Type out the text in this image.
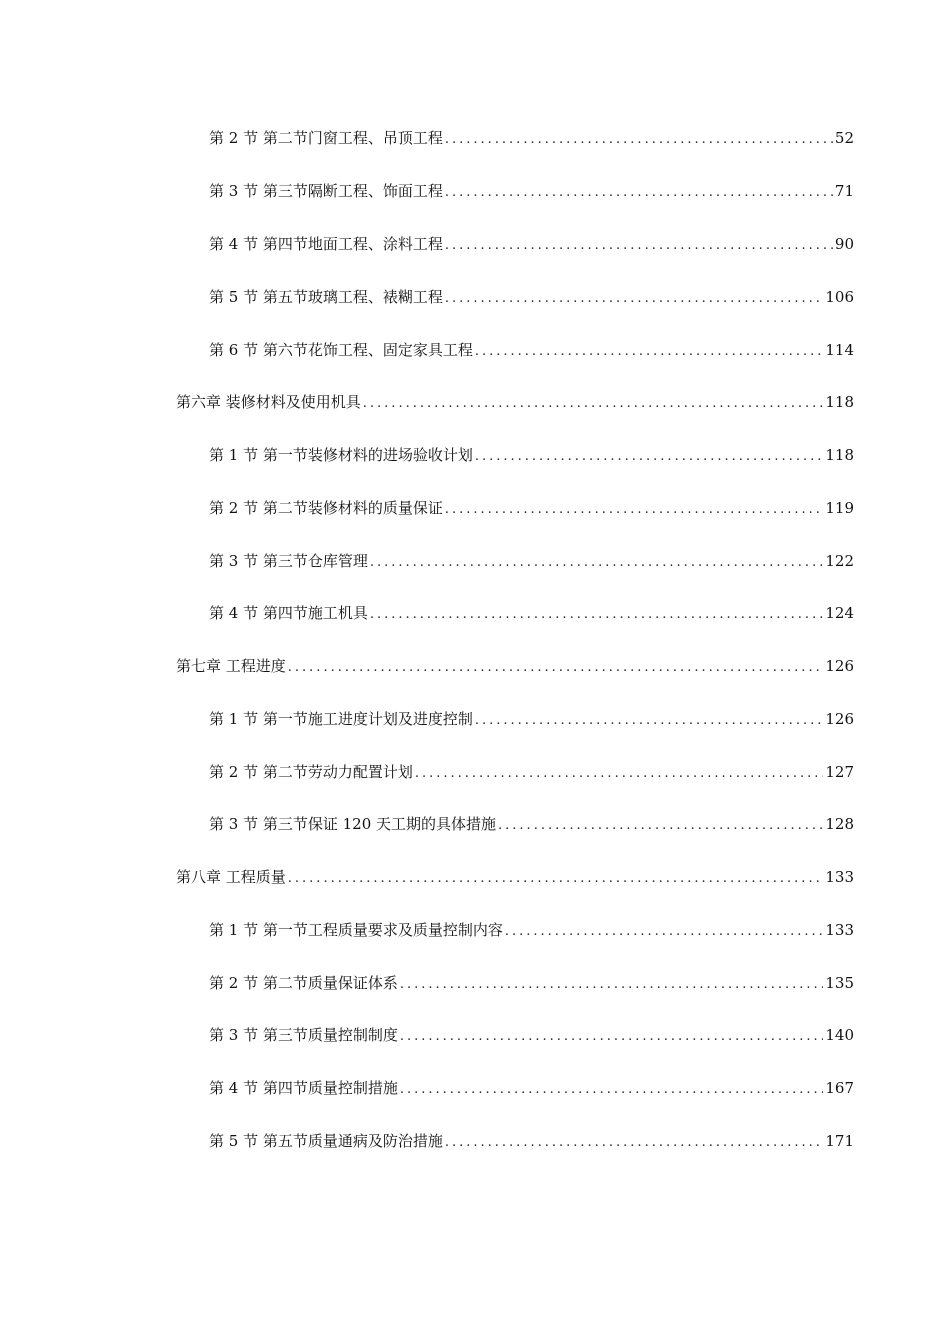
第 2 节 第二节门窗工程、吊顶工程 .....	52
第 3 节 第三节隔断工程、饰面工程 .....	71
第 4 节 第四节地面工程、涂料工程 .....	90
第 5 节 第五节玻璃工程、裱糊工程 .....	106
第 6 节 第六节花饰工程、固定家具工程 .....	114
第六章 装修材料及使用机具 .....	118
第 1 节 第一节装修材料的进场验收计划 .....	118
第 2 节 第二节装修材料的质量保证 .....	119
第 3 节 第三节仓库管理 .....	122
第 4 节 第四节施工机具 .....	124
第七章 工程进度 .....	126
第 1 节 第一节施工进度计划及进度控制 .....	126
第 2 节 第二节劳动力配置计划 .....	127
第 3 节 第三节保证 120 天工期的具体措施 .....	128
第八章 工程质量 .....	133
第 1 节 第一节工程质量要求及质量控制内容 .....	133
第 2 节 第二节质量保证体系 .....	135
第 3 节 第三节质量控制制度 .....	140
第 4 节 第四节质量控制措施 .....	167
第 5 节 第五节质量通病及防治措施 .....	171
